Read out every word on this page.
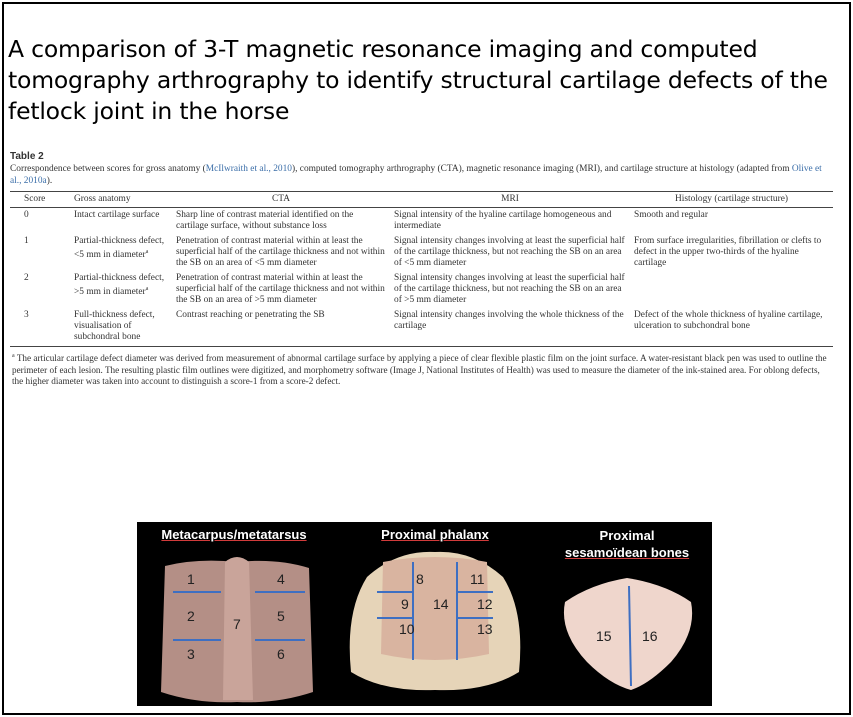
A comparison of 3-T magnetic resonance imaging and computed tomography arthrography to identify structural cartilage defects of the fetlock joint in the horse

Table 2

Correspondence between scores for gross anatomy (McIlwraith et al., 2010), computed tomography arthrography (CTA), magnetic resonance imaging (MRI), and cartilage structure at histology (adapted from Olive et al., 2010a).

Score	Gross anatomy	CTA	MRI	Histology (cartilage structure)
0	Intact cartilage surface	Sharp line of contrast material identified on the cartilage surface, without substance loss	Signal intensity of the hyaline cartilage homogeneous and intermediate	Smooth and regular
1	Partial-thickness defect, <5 mm in diameter$^a$	Penetration of contrast material within at least the superficial half of the cartilage thickness and not within the SB on an area of <5 mm diameter	Signal intensity changes involving at least the superficial half of the cartilage thickness, but not reaching the SB on an area of <5 mm diameter	From surface irregularities, fibrillation or clefts to defect in the upper two-thirds of the hyaline cartilage
2	Partial-thickness defect, >5 mm in diameter$^a$	Penetration of contrast material within at least the superficial half of the cartilage thickness and not within the SB on an area of >5 mm diameter	Signal intensity changes involving at least the superficial half of the cartilage thickness, but not reaching the SB on an area of >5 mm diameter	
3	Full-thickness defect, visualisation of subchondral bone	Contrast reaching or penetrating the SB	Signal intensity changes involving the whole thickness of the cartilage	Defect of the whole thickness of hyaline cartilage, ulceration to subchondral bone
$^a$ The articular cartilage defect diameter was derived from measurement of abnormal cartilage surface by applying a piece of clear flexible plastic film on the joint surface. A water-resistant black pen was used to outline the perimeter of each lesion. The resulting plastic film outlines were digitized, and morphometry software (Image J, National Institutes of Health) was used to measure the diameter of the ink-stained area. For oblong defects, the higher diameter was taken into account to distinguish a score-1 from a score-2 defect.
Metacarpus/metatarsus
1
2
3
4
5
6
7
Proximal phalanx
8
9
10
11
12
13
14
Proximal
sesamoïdean bones
15 16
